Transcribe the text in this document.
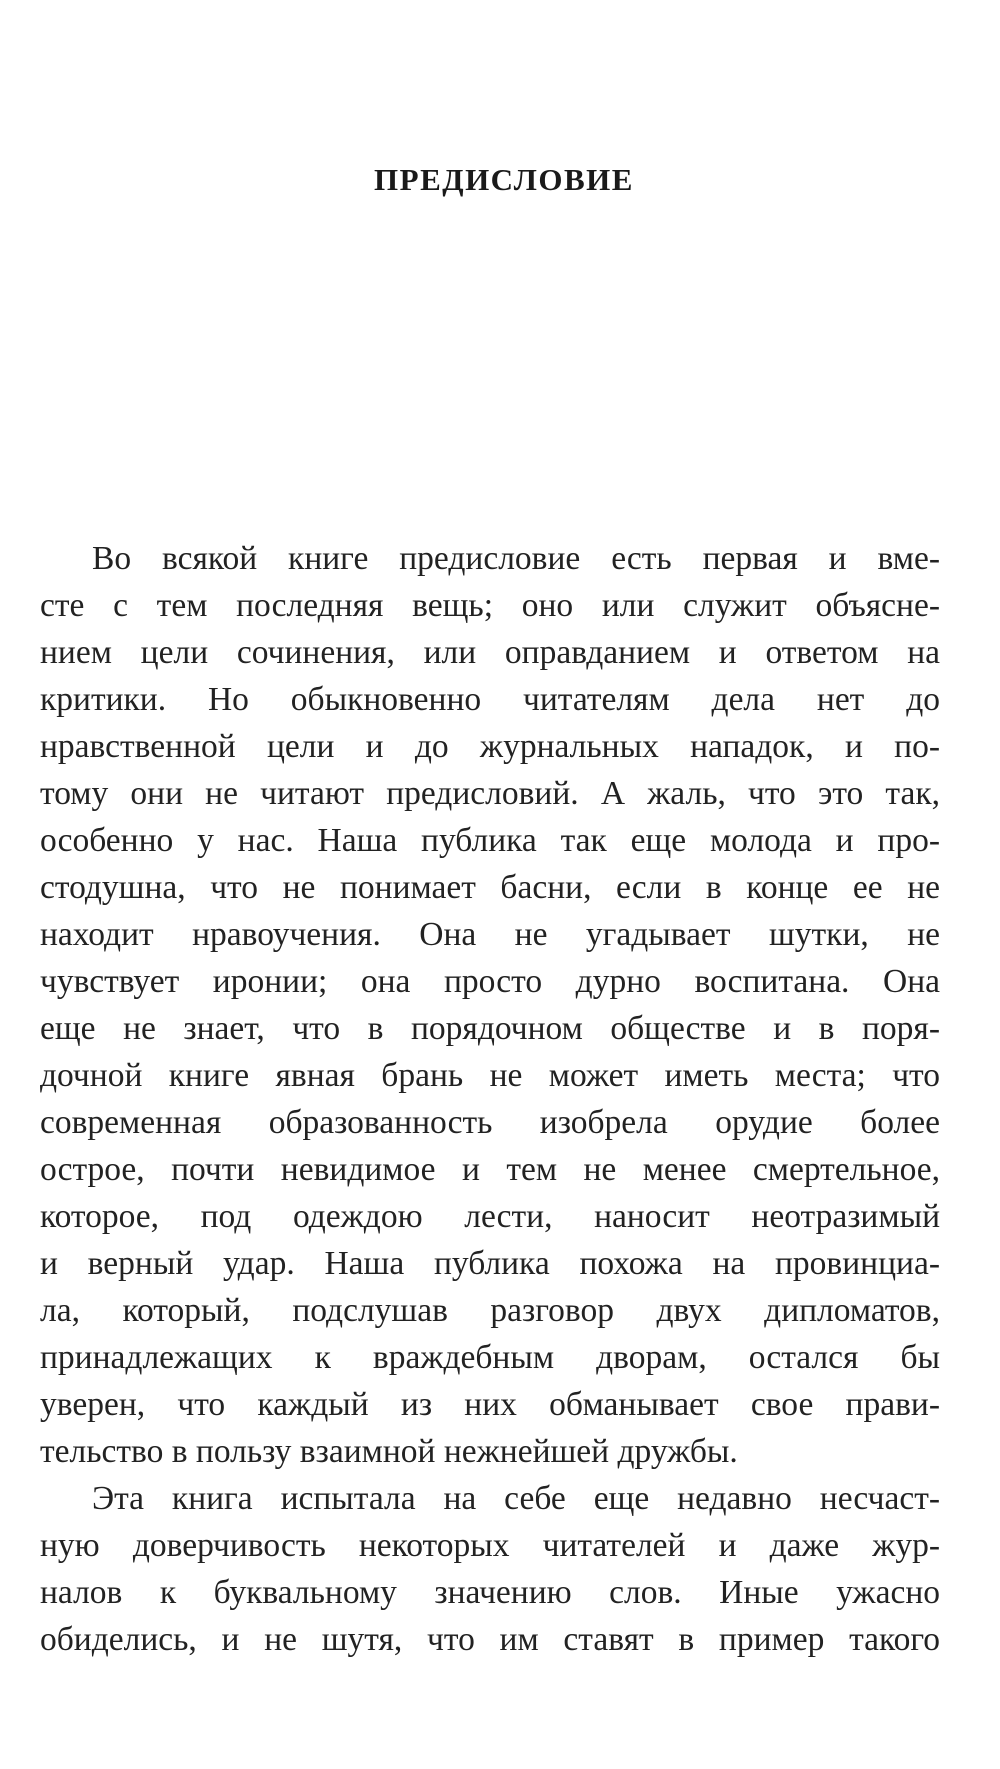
ПРЕДИСЛОВИЕ
Во всякой книге предисловие есть первая и вме-
сте с тем последняя вещь; оно или служит объясне-
нием цели сочинения, или оправданием и ответом на
критики. Но обыкновенно читателям дела нет до
нравственной цели и до журнальных нападок, и по-
тому они не читают предисловий. А жаль, что это так,
особенно у нас. Наша публика так еще молода и про-
стодушна, что не понимает басни, если в конце ее не
находит нравоучения. Она не угадывает шутки, не
чувствует иронии; она просто дурно воспитана. Она
еще не знает, что в порядочном обществе и в поря-
дочной книге явная брань не может иметь места; что
современная образованность изобрела орудие более
острое, почти невидимое и тем не менее смертельное,
которое, под одеждою лести, наносит неотразимый
и верный удар. Наша публика похожа на провинциа-
ла, который, подслушав разговор двух дипломатов,
принадлежащих к враждебным дворам, остался бы
уверен, что каждый из них обманывает свое прави-
тельство в пользу взаимной нежнейшей дружбы.
Эта книга испытала на себе еще недавно несчаст-
ную доверчивость некоторых читателей и даже жур-
налов к буквальному значению слов. Иные ужасно
обиделись, и не шутя, что им ставят в пример такого
